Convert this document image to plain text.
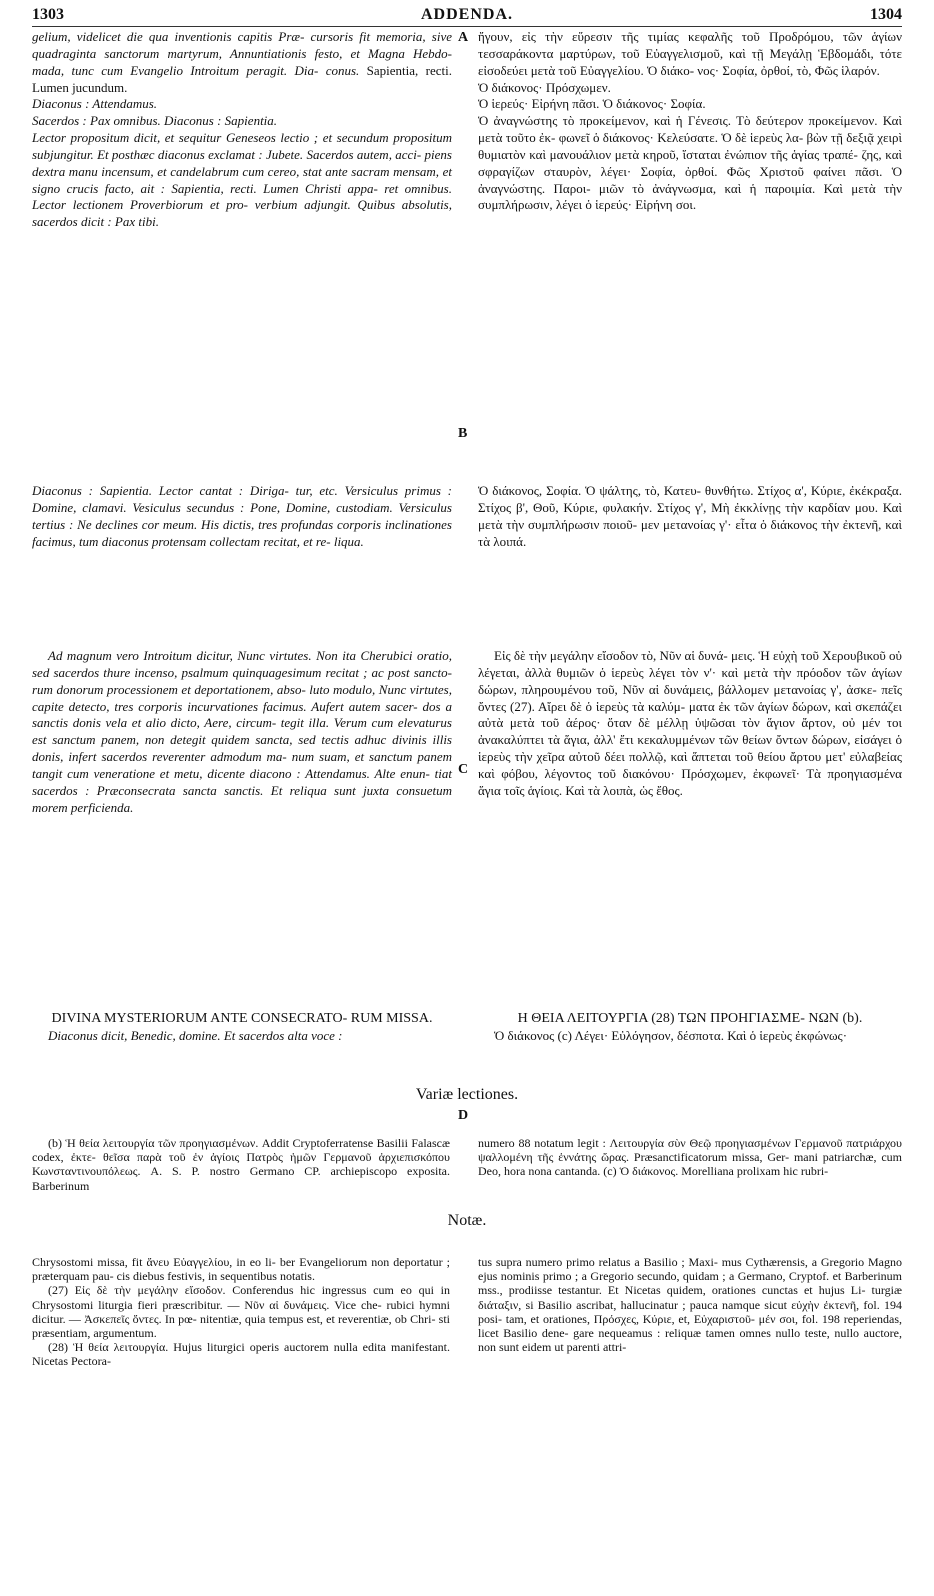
1303	ADDENDA.	1304

gelium, videlicet die qua inventionis capitis Præ- cursoris fit memoria, sive quadraginta sanctorum martyrum, Annuntiationis festo, et Magna Hebdo- mada, tunc cum Evangelio Introitum peragit. Dia- conus. Sapientia, recti. Lumen jucundum.

Diaconus : Attendamus.

Sacerdos : Pax omnibus. Diaconus : Sapientia.

Lector propositum dicit, et sequitur Geneseos lectio ; et secundum propositum subjungitur. Et posthæc diaconus exclamat : Jubete. Sacerdos autem, acci- piens dextra manu incensum, et candelabrum cum cereo, stat ante sacram mensam, et signo crucis facto, ait : Sapientia, recti. Lumen Christi appa- ret omnibus. Lector lectionem Proverbiorum et pro- verbium adjungit. Quibus absolutis, sacerdos dicit : Pax tibi.

ἤγουν, εἰς τὴν εὕρεσιν τῆς τιμίας κεφαλῆς τοῦ Προδρόμου, τῶν ἁγίων τεσσαράκοντα μαρτύρων, τοῦ Εὐαγγελισμοῦ, καὶ τῇ Μεγάλῃ Ἑβδομάδι, τότε εἰσοδεύει μετὰ τοῦ Εὐαγγελίου. Ὁ διάκο- νος· Σοφία, ὀρθοί, τὸ, Φῶς ἱλαρόν.

Ὁ διάκονος· Πρόσχωμεν.

Ὁ ἱερεύς· Εἰρήνη πᾶσι. Ὁ διάκονος· Σοφία.

Ὁ ἀναγνώστης τὸ προκείμενον, καὶ ἡ Γένεσις. Τὸ δεύτερον προκείμενον. Καὶ μετὰ τοῦτο ἐκ- φωνεῖ ὁ διάκονος· Κελεύσατε. Ὁ δὲ ἱερεὺς λα- βὼν τῇ δεξιᾷ χειρὶ θυμιατὸν καὶ μανουάλιον μετὰ κηροῦ, ἵσταται ἐνώπιον τῆς ἁγίας τραπέ- ζης, καὶ σφραγίζων σταυρὸν, λέγει· Σοφία, ὀρθοί. Φῶς Χριστοῦ φαίνει πᾶσι. Ὁ ἀναγνώστης. Παροι- μιῶν τὸ ἀνάγνωσμα, καὶ ἡ παροιμία. Καὶ μετὰ τὴν συμπλήρωσιν, λέγει ὁ ἱερεύς· Εἰρήνη σοι.

A
B
C
D

Diaconus : Sapientia. Lector cantat : Diriga- tur, etc. Versiculus primus : Domine, clamavi. Vesiculus secundus : Pone, Domine, custodiam. Versiculus tertius : Ne declines cor meum. His dictis, tres profundas corporis inclinationes facimus, tum diaconus protensam collectam recitat, et re- liqua.

Ὁ διάκονος, Σοφία. Ὁ ψάλτης, τὸ, Κατευ- θυνθήτω. Στίχος α', Κύριε, ἐκέκραξα. Στίχος β', Θοῦ, Κύριε, φυλακήν. Στίχος γ', Μὴ ἐκκλίνῃς τὴν καρδίαν μου. Καὶ μετὰ τὴν συμπλήρωσιν ποιοῦ- μεν μετανοίας γ'· εἶτα ὁ διάκονος τὴν ἐκτενῆ, καὶ τὰ λοιπά.

Ad magnum vero Introitum dicitur, Nunc virtutes. Non ita Cherubici oratio, sed sacerdos thure incenso, psalmum quinquagesimum recitat ; ac post sancto- rum donorum processionem et deportationem, abso- luto modulo, Nunc virtutes, capite detecto, tres corporis incurvationes facimus. Aufert autem sacer- dos a sanctis donis vela et alio dicto, Aere, circum- tegit illa. Verum cum elevaturus est sanctum panem, non detegit quidem sancta, sed tectis adhuc divinis illis donis, infert sacerdos reverenter admodum ma- num suam, et sanctum panem tangit cum veneratione et metu, dicente diacono : Attendamus. Alte enun- tiat sacerdos : Præconsecrata sancta sanctis. Et reliqua sunt juxta consuetum morem perficienda.

Εἰς δὲ τὴν μεγάλην εἴσοδον τὸ, Νῦν αἱ δυνά- μεις. Ἡ εὐχὴ τοῦ Χερουβικοῦ οὐ λέγεται, ἀλλὰ θυμιῶν ὁ ἱερεὺς λέγει τὸν ν'· καὶ μετὰ τὴν πρόοδον τῶν ἁγίων δώρων, πληρουμένου τοῦ, Νῦν αἱ δυνάμεις, βάλλομεν μετανοίας γ', ἀσκε- πεῖς ὄντες (27). Αἴρει δὲ ὁ ἱερεὺς τὰ καλύμ- ματα ἐκ τῶν ἁγίων δώρων, καὶ σκεπάζει αὐτὰ μετὰ τοῦ ἀέρος· ὅταν δὲ μέλλῃ ὑψῶσαι τὸν ἅγιον ἄρτον, οὐ μέν τοι ἀνακαλύπτει τὰ ἅγια, ἀλλ' ἔτι κεκαλυμμένων τῶν θείων ὄντων δώρων, εἰσάγει ὁ ἱερεὺς τὴν χεῖρα αὐτοῦ δέει πολλῷ, καὶ ἅπτεται τοῦ θείου ἄρτου μετ' εὐλαβείας καὶ φόβου, λέγοντος τοῦ διακόνου· Πρόσχωμεν, ἐκφωνεῖ· Τὰ προηγιασμένα ἅγια τοῖς ἁγίοις. Καὶ τὰ λοιπὰ, ὡς ἔθος.

DIVINA MYSTERIORUM ANTE CONSECRATO- RUM MISSA.

Diaconus dicit, Benedic, domine. Et sacerdos alta voce :

Η ΘΕΙΑ ΛΕΙΤΟΥΡΓΙΑ (28) ΤΩΝ ΠΡΟΗΓΙΑΣΜΕ- ΝΩΝ (b).

Ὁ διάκονος (c) Λέγει· Εὐλόγησον, δέσποτα. Καὶ ὁ ἱερεὺς ἐκφώνως·

Variæ lectiones.

(b) Ἡ θεία λειτουργία τῶν προηγιασμένων. Addit Cryptoferratense Basilii Falascæ codex, ἐκτε- θεῖσα παρὰ τοῦ ἐν ἁγίοις Πατρὸς ἡμῶν Γερμανοῦ ἀρχιεπισκόπου Κωνσταντινουπόλεως. A. S. P. nostro Germano CP. archiepiscopo exposita. Barberinum

numero 88 notatum legit : Λειτουργία σὺν Θεῷ προηγιασμένων Γερμανοῦ πατριάρχου ψαλλομένη τῆς ἐννάτης ὥρας. Præsanctificatorum missa, Ger- mani patriarchæ, cum Deo, hora nona cantanda. (c) Ὁ διάκονος. Morelliana prolixam hic rubri-

Notæ.

Chrysostomi missa, fit ἄνευ Εὐαγγελίου, in eo li- ber Evangeliorum non deportatur ; præterquam pau- cis diebus festivis, in sequentibus notatis.

(27) Εἰς δὲ τὴν μεγάλην εἴσοδον. Conferendus hic ingressus cum eo qui in Chrysostomi liturgia fieri præscribitur. — Νῦν αἱ δυνάμεις. Vice che- rubici hymni dicitur. — Ἀσκεπεῖς ὄντες. In pœ- nitentiæ, quia tempus est, et reverentiæ, ob Chri- sti præsentiam, argumentum.

(28) Ἡ θεία λειτουργία. Hujus liturgici operis auctorem nulla edita manifestant. Nicetas Pectora-

tus supra numero primo relatus a Basilio ; Maxi- mus Cythærensis, a Gregorio Magno ejus nominis primo ; a Gregorio secundo, quidam ; a Germano, Cryptof. et Barberinum mss., prodiisse testantur. Et Nicetas quidem, orationes cunctas et hujus Li- turgiæ διάταξιν, si Basilio ascribat, hallucinatur ; pauca namque sicut εὐχὴν ἐκτενῆ, fol. 194 posi- tam, et orationes, Πρόσχες, Κύριε, et, Εὐχαριστοῦ- μέν σοι, fol. 198 reperiendas, licet Basilio dene- gare nequeamus : reliquæ tamen omnes nullo teste, nullo auctore, non sunt eidem ut parenti attri-
